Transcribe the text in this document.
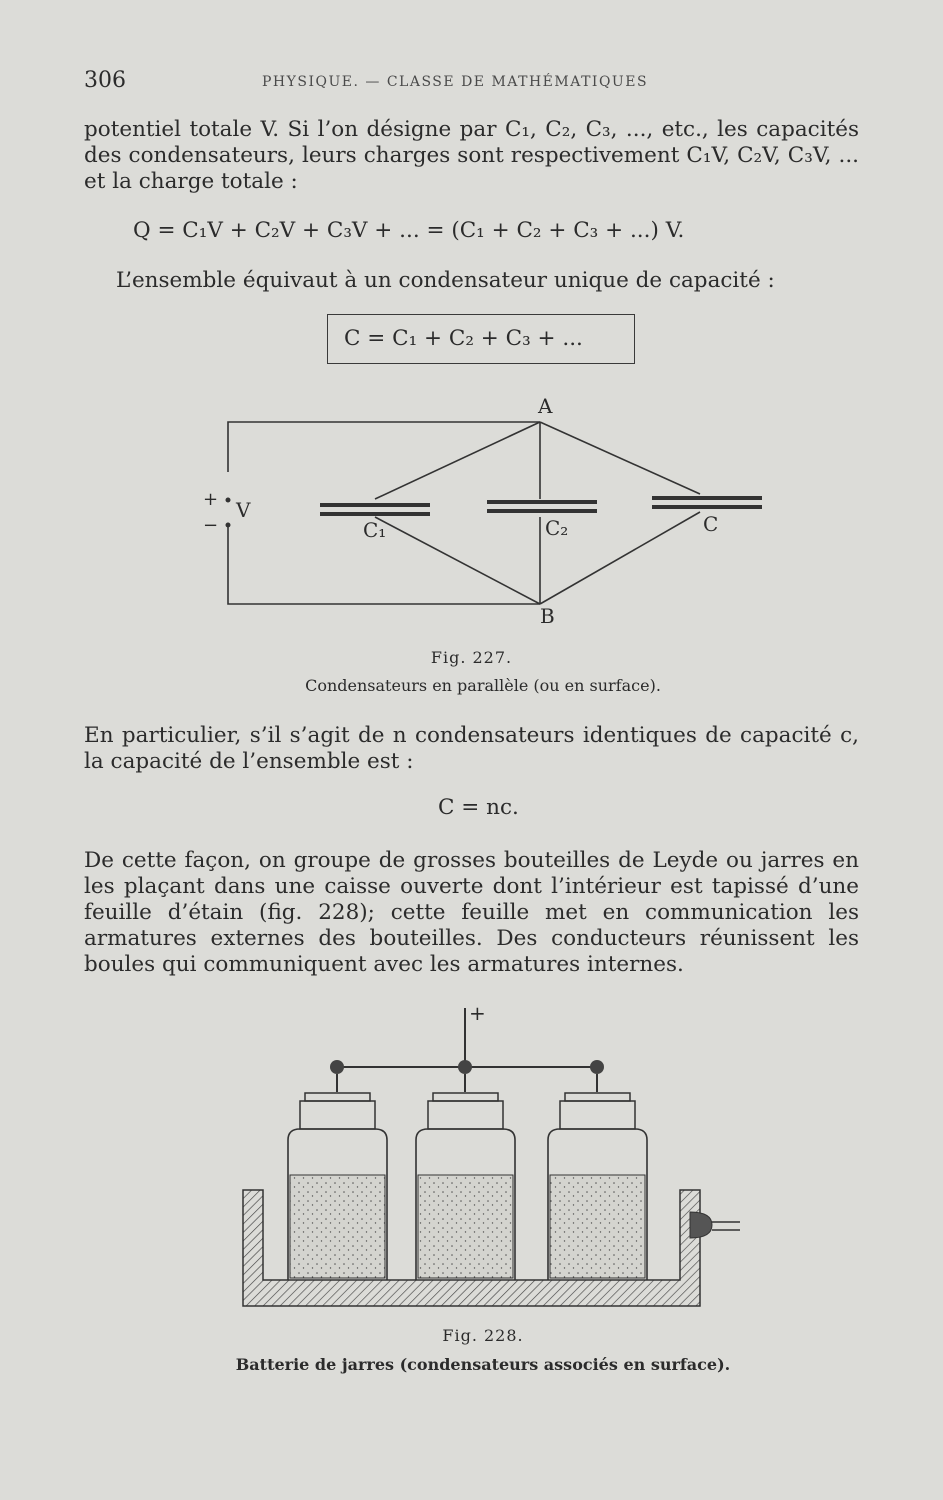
306	PHYSIQUE. — CLASSE DE MATHÉMATIQUES

potentiel totale V. Si l’on désigne par C₁, C₂, C₃, ..., etc., les capacités des condensateurs, leurs charges sont respectivement C₁V, C₂V, C₃V, ... et la charge totale :

Q = C₁V + C₂V + C₃V + ... = (C₁ + C₂ + C₃ + ...) V.
L’ensemble équivaut à un condensateur unique de capacité :
C = C₁ + C₂ + C₃ + ...
A
B
V
+
−	C₁	C₂	C
Fig. 227.
Condensateurs en parallèle (ou en surface).

En particulier, s’il s’agit de n condensateurs identiques de capacité c, la capacité de l’ensemble est :

C = nc.

De cette façon, on groupe de grosses bouteilles de Leyde ou jarres en les plaçant dans une caisse ouverte dont l’intérieur est tapissé d’une feuille d’étain (fig. 228); cette feuille met en communication les armatures externes des bouteilles. Des conducteurs réunissent les boules qui communiquent avec les armatures internes.

+
Fig. 228.
Batterie de jarres (condensateurs associés en surface).
